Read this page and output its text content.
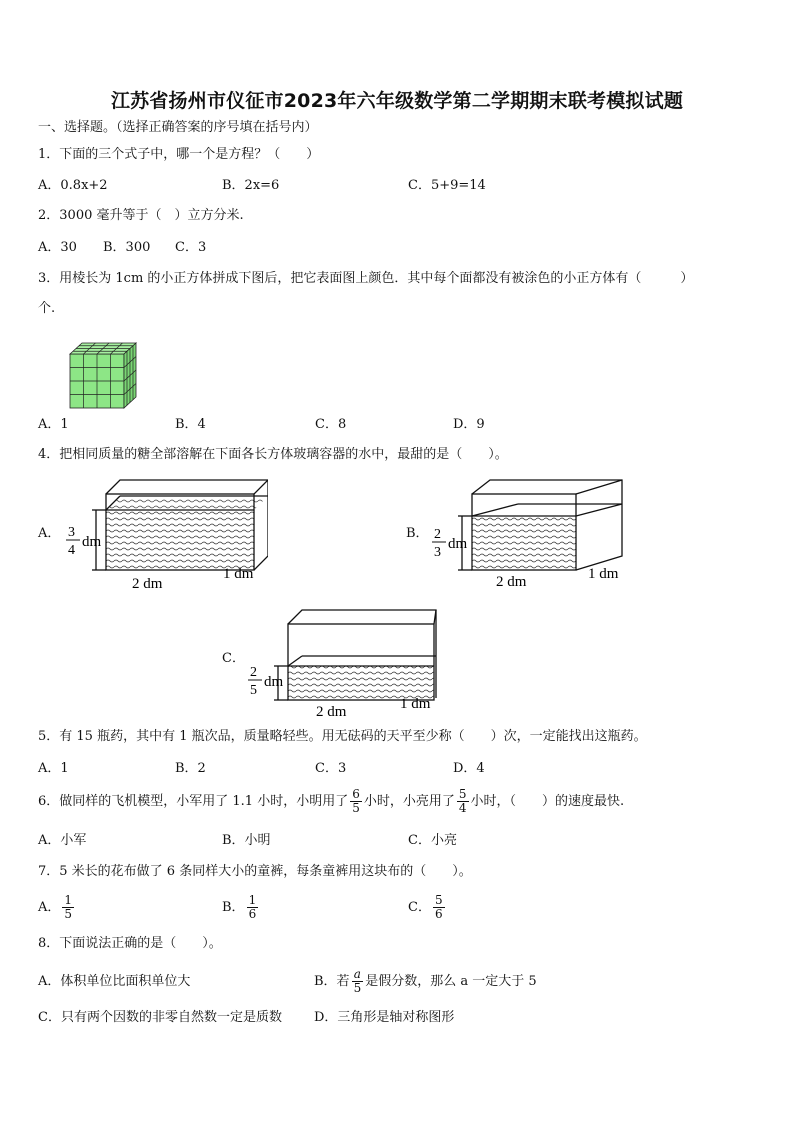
江苏省扬州市仪征市2023年六年级数学第二学期期末联考模拟试题
一、选择题。（选择正确答案的序号填在括号内）
1．下面的三个式子中，哪一个是方程？（　　）
A．0.8x+2	B．2x=6	C．5+9=14
2．3000 毫升等于（　）立方分米.
A．30 B．300 C．3
3．用棱长为 1cm 的小正方体拼成下图后，把它表面图上颜色．其中每个面都没有被涂色的小正方体有（　　　）
个.
A．1	B．4	C．8	D．9
4．把相同质量的糖全部溶解在下面各长方体玻璃容器的水中，最甜的是（　　）。
A．	B．
C．
3
4
dm
2 dm
1 dm
2
3
dm
2 dm	1 dm
2
5
dm
2 dm	1 dm
5．有 15 瓶药，其中有 1 瓶次品，质量略轻些。用无砝码的天平至少称（　　）次，一定能找出这瓶药。
A．1	B．2	C．3	D．4
6．做同样的飞机模型，小军用了 1.1 小时，小明用了 $\frac{6}{5}$ 小时，小亮用了 $\frac{5}{4}$ 小时，（　　）的速度最快.
A．小军	B．小明	C．小亮
7．5 米长的花布做了 6 条同样大小的童裤，每条童裤用这块布的（　　）。
A． $\frac{1}{5}$	B． $\frac{1}{6}$	C． $\frac{5}{6}$
8．下面说法正确的是（　　）。
A．体积单位比面积单位大	B．若 $\frac{a}{5}$ 是假分数，那么 a 一定大于 5
C．只有两个因数的非零自然数一定是质数 D．三角形是轴对称图形
